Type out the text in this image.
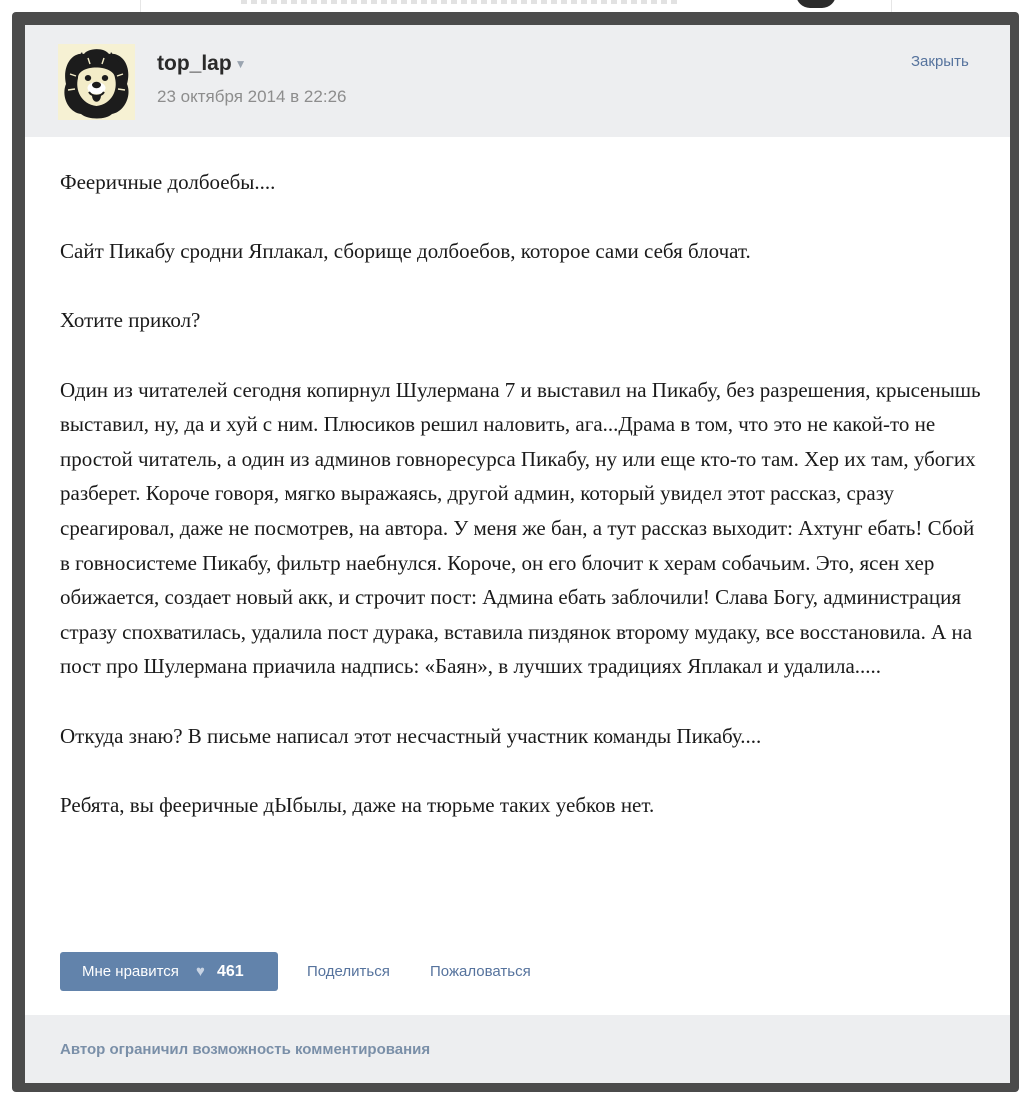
top_lap ▼
23 октября 2014 в 22:26
Закрыть

Фееричные долбоебы....

Сайт Пикабу сродни Яплакал, сборище долбоебов, которое сами себя блочат.

Хотите прикол?

Один из читателей сегодня копирнул Шулермана 7 и выставил на Пикабу, без разрешения, крысенышь выставил, ну, да и хуй с ним. Плюсиков решил наловить, ага...Драма в том, что это не какой-то не простой читатель, а один из админов говноресурса Пикабу, ну или еще кто-то там. Хер их там, убогих разберет. Короче говоря, мягко выражаясь, другой админ, который увидел этот рассказ, сразу среагировал, даже не посмотрев, на автора. У меня же бан, а тут рассказ выходит: Ахтунг ебать! Сбой в говносистеме Пикабу, фильтр наебнулся. Короче, он его блочит к херам собачьим. Это, ясен хер обижается, создает новый акк, и строчит пост: Админа ебать заблочили! Слава Богу, администрация стразу спохватилась, удалила пост дурака, вставила пиздянок второму мудаку, все восстановила. А на пост про Шулермана приачила надпись: «Баян», в лучших традициях Яплакал и удалила.....

Откуда знаю? В письме написал этот несчастный участник команды Пикабу....

Ребята, вы фееричные дЫбылы, даже на тюрьме таких уебков нет.

Мне нравится ♥ 461	Поделиться	Пожаловаться
Автор ограничил возможность комментирования
